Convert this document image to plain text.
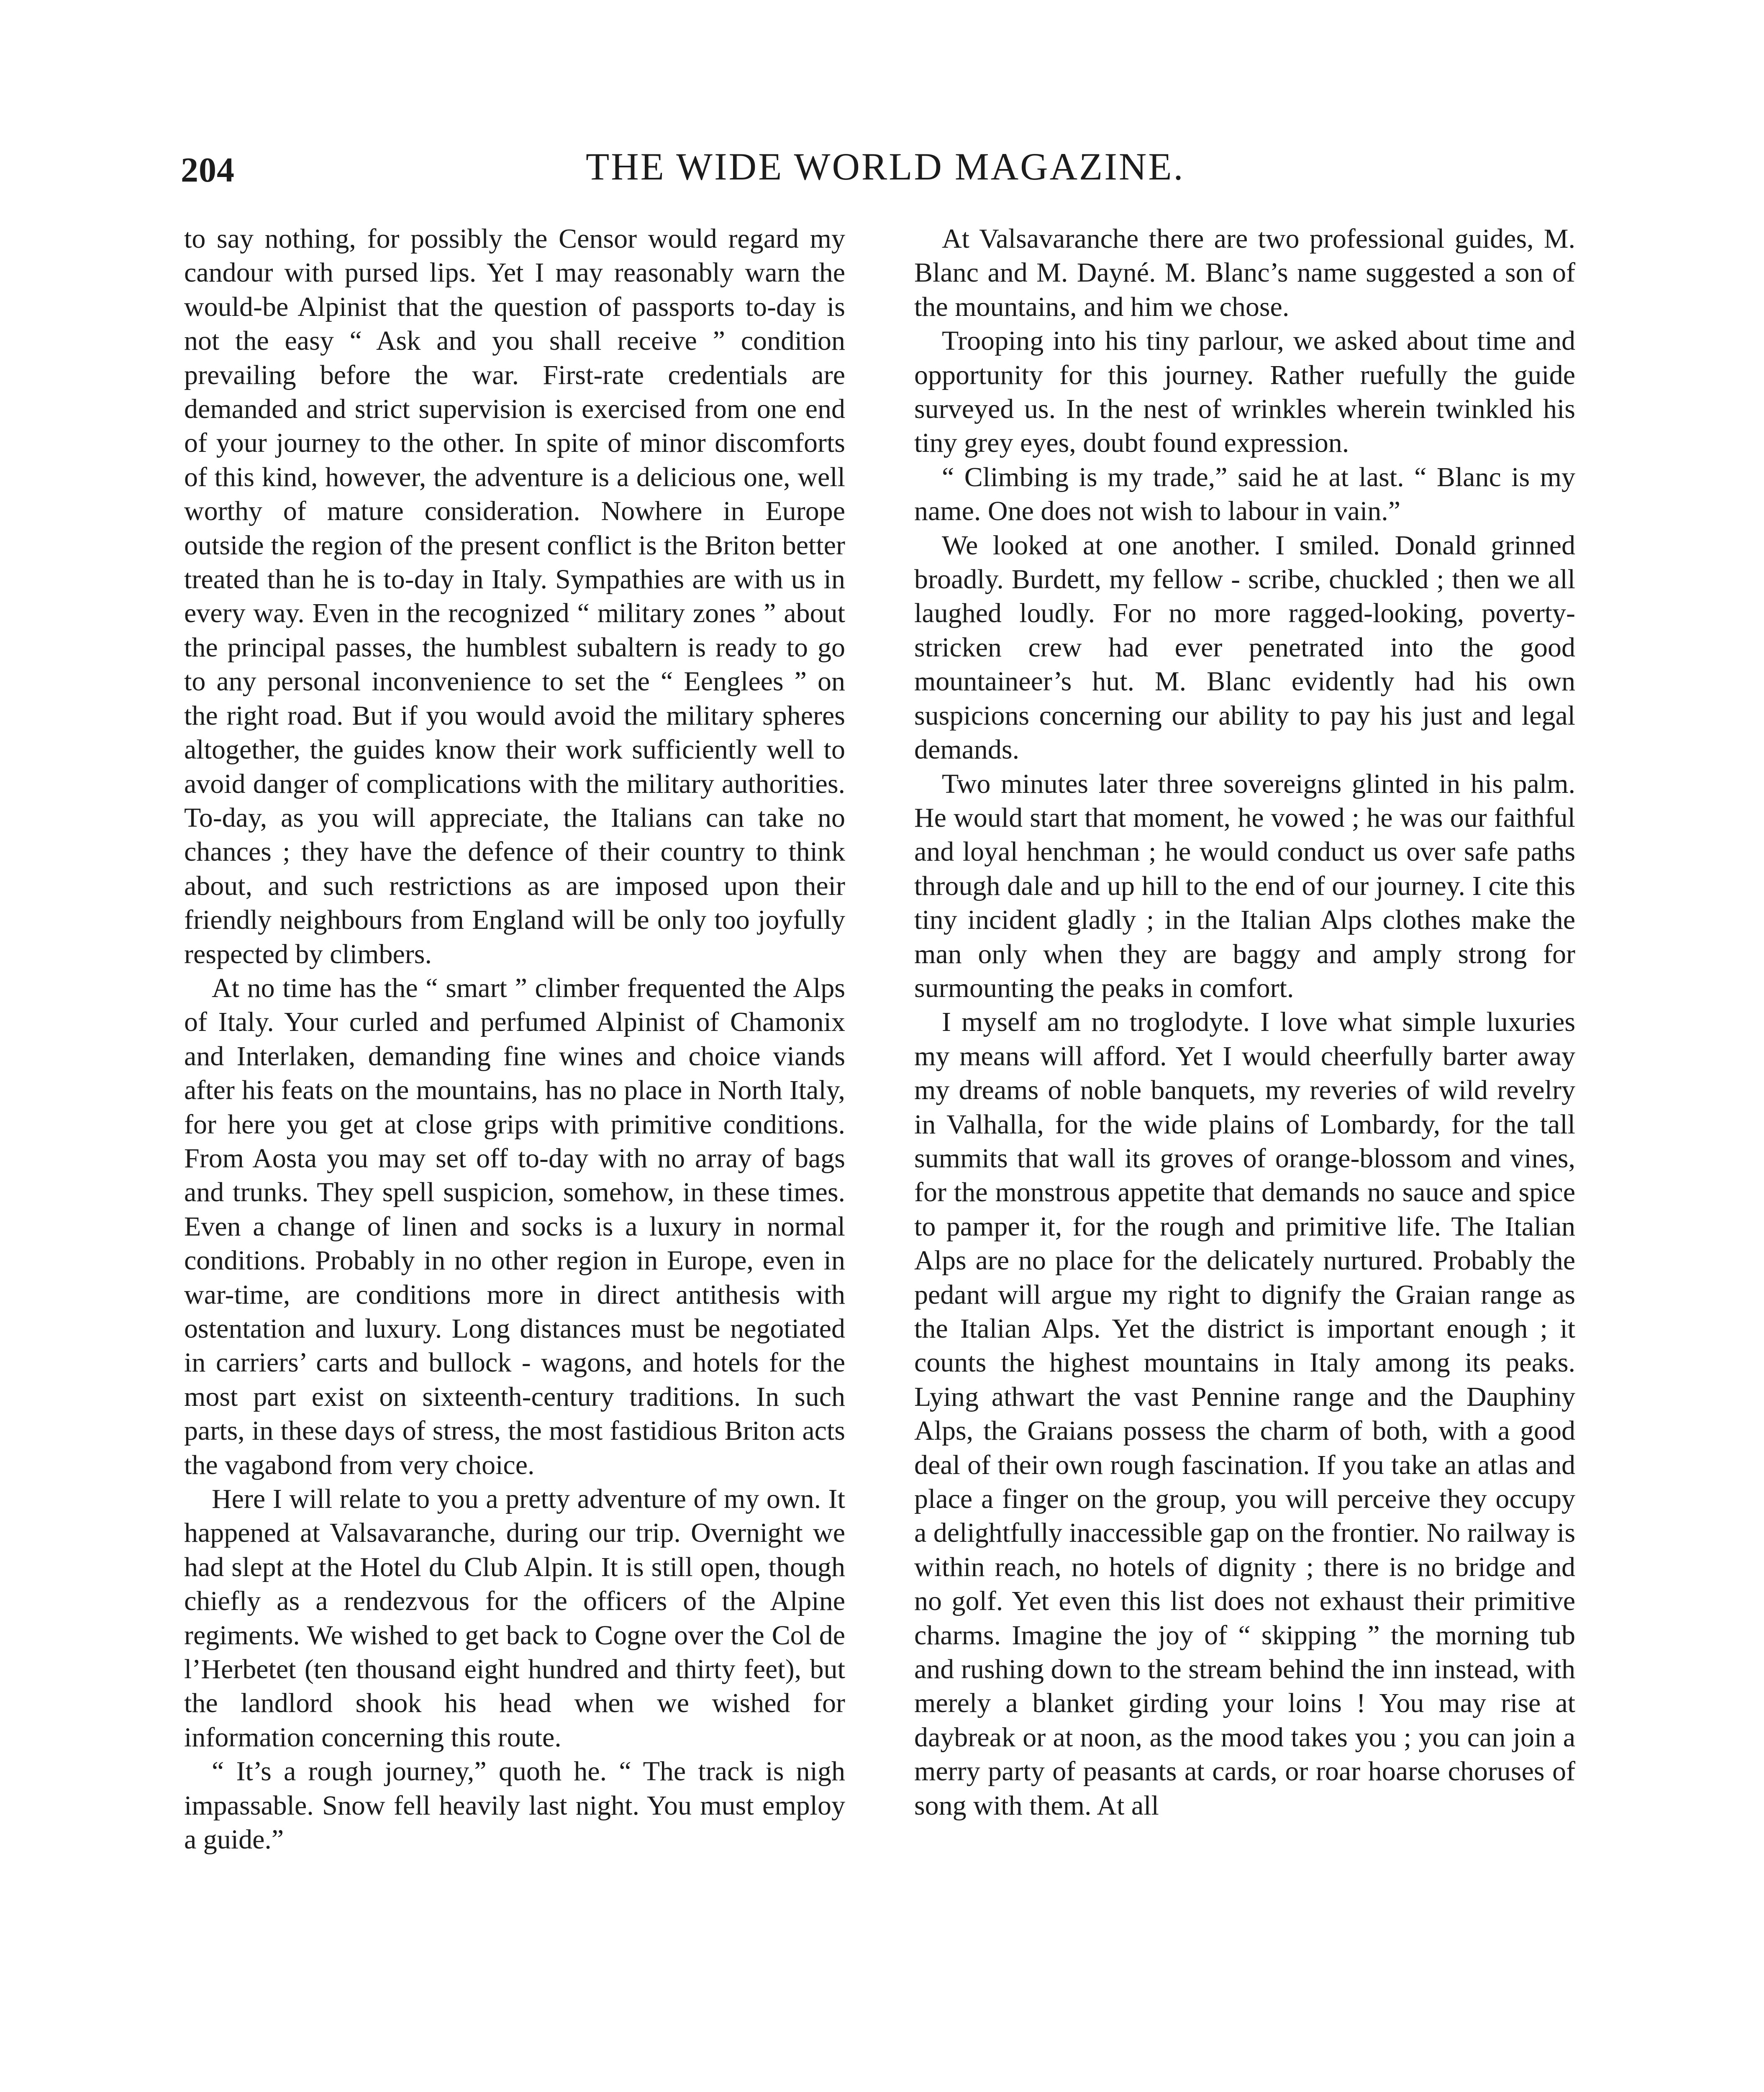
204	THE WIDE WORLD MAGAZINE.

to say nothing, for possibly the Censor would regard my candour with pursed lips. Yet I may reasonably warn the would-be Alpinist that the question of passports to-day is not the easy “ Ask and you shall receive ” condition prevailing before the war. First-rate credentials are demanded and strict supervision is exercised from one end of your journey to the other. In spite of minor discomforts of this kind, however, the adventure is a delicious one, well worthy of mature consideration. Nowhere in Europe outside the region of the present conflict is the Briton better treated than he is to-day in Italy. Sympathies are with us in every way. Even in the recognized “ military zones ” about the principal passes, the humblest subaltern is ready to go to any personal inconvenience to set the “ Eenglees ” on the right road. But if you would avoid the military spheres altogether, the guides know their work sufficiently well to avoid danger of complications with the military authorities. To-day, as you will appreciate, the Italians can take no chances ; they have the defence of their country to think about, and such restrictions as are imposed upon their friendly neighbours from England will be only too joyfully respected by climbers.

At no time has the “ smart ” climber frequented the Alps of Italy. Your curled and perfumed Alpinist of Chamonix and Interlaken, demanding fine wines and choice viands after his feats on the mountains, has no place in North Italy, for here you get at close grips with primitive conditions. From Aosta you may set off to-day with no array of bags and trunks. They spell suspicion, somehow, in these times. Even a change of linen and socks is a luxury in normal conditions. Probably in no other region in Europe, even in war-time, are conditions more in direct antithesis with ostentation and luxury. Long distances must be negotiated in carriers’ carts and bullock - wagons, and hotels for the most part exist on sixteenth-century traditions. In such parts, in these days of stress, the most fastidious Briton acts the vagabond from very choice.

Here I will relate to you a pretty adventure of my own. It happened at Valsavaranche, during our trip. Overnight we had slept at the Hotel du Club Alpin. It is still open, though chiefly as a rendezvous for the officers of the Alpine regiments. We wished to get back to Cogne over the Col de l’Herbetet (ten thousand eight hundred and thirty feet), but the landlord shook his head when we wished for information concerning this route.

“ It’s a rough journey,” quoth he. “ The track is nigh impassable. Snow fell heavily last night. You must employ a guide.”

At Valsavaranche there are two professional guides, M. Blanc and M. Dayné. M. Blanc’s name suggested a son of the mountains, and him we chose.

Trooping into his tiny parlour, we asked about time and opportunity for this journey. Rather ruefully the guide surveyed us. In the nest of wrinkles wherein twinkled his tiny grey eyes, doubt found expression.

“ Climbing is my trade,” said he at last. “ Blanc is my name. One does not wish to labour in vain.”

We looked at one another. I smiled. Donald grinned broadly. Burdett, my fellow - scribe, chuckled ; then we all laughed loudly. For no more ragged-looking, poverty-stricken crew had ever penetrated into the good mountaineer’s hut. M. Blanc evidently had his own suspicions concerning our ability to pay his just and legal demands.

Two minutes later three sovereigns glinted in his palm. He would start that moment, he vowed ; he was our faithful and loyal henchman ; he would conduct us over safe paths through dale and up hill to the end of our journey. I cite this tiny incident gladly ; in the Italian Alps clothes make the man only when they are baggy and amply strong for surmounting the peaks in comfort.

I myself am no troglodyte. I love what simple luxuries my means will afford. Yet I would cheerfully barter away my dreams of noble banquets, my reveries of wild revelry in Valhalla, for the wide plains of Lombardy, for the tall summits that wall its groves of orange-blossom and vines, for the monstrous appetite that demands no sauce and spice to pamper it, for the rough and primitive life. The Italian Alps are no place for the delicately nurtured. Probably the pedant will argue my right to dignify the Graian range as the Italian Alps. Yet the district is important enough ; it counts the highest mountains in Italy among its peaks. Lying athwart the vast Pennine range and the Dauphiny Alps, the Graians possess the charm of both, with a good deal of their own rough fascination. If you take an atlas and place a finger on the group, you will perceive they occupy a delightfully inaccessible gap on the frontier. No railway is within reach, no hotels of dignity ; there is no bridge and no golf. Yet even this list does not exhaust their primitive charms. Imagine the joy of “ skipping ” the morning tub and rushing down to the stream behind the inn instead, with merely a blanket girding your loins ! You may rise at daybreak or at noon, as the mood takes you ; you can join a merry party of peasants at cards, or roar hoarse choruses of song with them. At all
